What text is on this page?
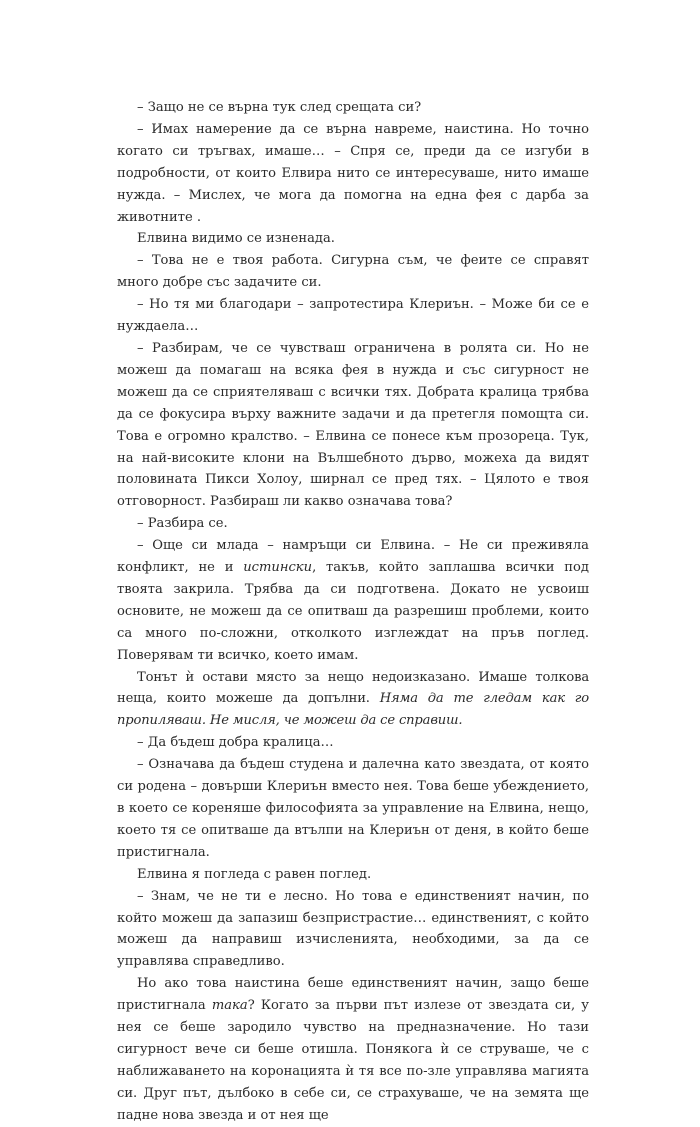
– Защо не се върна тук след срещата си?

– Имах намерение да се върна навреме, наистина. Но точно когато си тръгвах, имаше… – Спря се, преди да се изгуби в подробности, от които Елвира нито се интересуваше, нито имаше нужда. – Мислех, че мога да помогна на една фея с дарба за животните .

Елвина видимо се изненада.

– Това не е твоя работа. Сигурна съм, че феите се справят много добре със задачите си.

– Но тя ми благодари – запротестира Клериън. – Може би се е нуждаела…

– Разбирам, че се чувстваш ограничена в ролята си. Но не можеш да помагаш на всяка фея в нужда и със сигурност не можеш да се сприятеляваш с всички тях. Добрата кралица трябва да се фокусира върху важните задачи и да претегля помощта си. Това е огромно кралство. – Елвина се понесе към прозореца. Тук, на най-високите клони на Вълшебното дърво, можеха да видят половината Пикси Холоу, ширнал се пред тях. – Цялото е твоя отговорност. Разбираш ли какво означава това?

– Разбира се.

– Още си млада – намръщи си Елвина. – Не си преживяла конфликт, не и истински, такъв, който заплашва всички под твоята закрила. Трябва да си подготвена. Докато не усвоиш основите, не можеш да се опитваш да разрешиш проблеми, които са много по-сложни, отколкото изглеждат на пръв поглед. Поверявам ти всичко, което имам.

Тонът ѝ остави място за нещо недоизказано. Имаше толкова неща, които можеше да допълни. Няма да те гледам как го пропиляваш. Не мисля, че можеш да се справиш.

– Да бъдеш добра кралица…

– Означава да бъдеш студена и далечна като звездата, от която си родена – довърши Клериън вместо нея. Това беше убеждението, в което се кореняше философията за управление на Елвина, нещо, което тя се опитваше да втълпи на Клериън от деня, в който беше пристигнала.

Елвина я погледа с равен поглед.

– Знам, че не ти е лесно. Но това е единственият начин, по който можеш да запазиш безпристрастие… единственият, с който можеш да направиш изчисленията, необходими, за да се управлява справедливо.

Но ако това наистина беше единственият начин, защо беше пристигнала така? Когато за първи път излезе от звездата си, у нея се беше зародило чувство на предназначение. Но тази сигурност вече си беше отишла. Понякога ѝ се струваше, че с наближаването на коронацията ѝ тя все по-зле управлява магията си. Друг път, дълбоко в себе си, се страхуваше, че на земята ще падне нова звезда и от нея ще
